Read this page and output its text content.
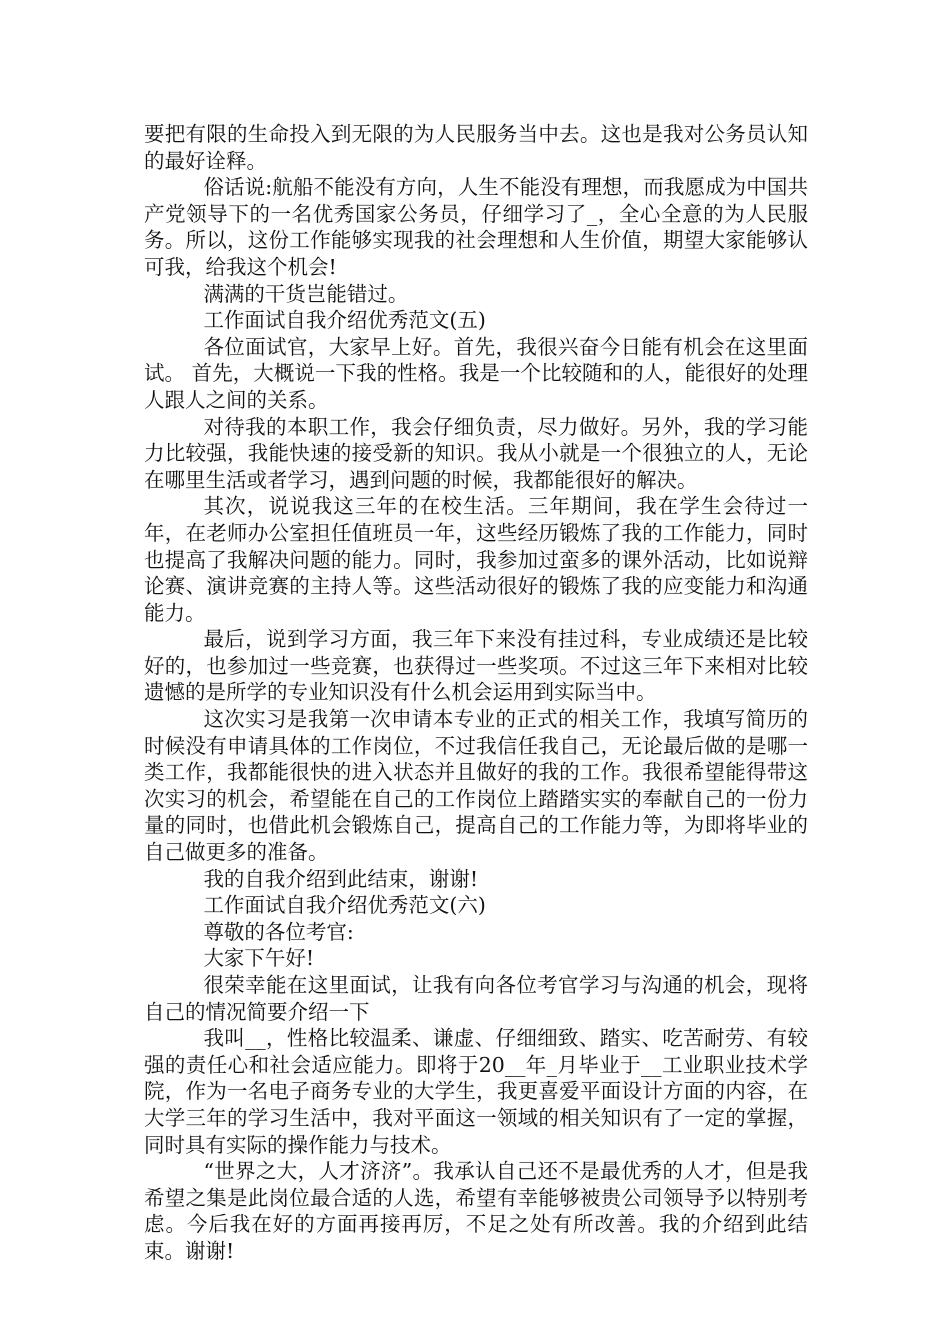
要把有限的生命投入到无限的为人民服务当中去。这也是我对公务员认知的最好诠释。

俗话说:航船不能没有方向，人生不能没有理想，而我愿成为中国共产党领导下的一名优秀国家公务员，仔细学习了_，全心全意的为人民服务。所以，这份工作能够实现我的社会理想和人生价值，期望大家能够认可我，给我这个机会!

满满的干货岂能错过。

工作面试自我介绍优秀范文(五)

各位面试官，大家早上好。首先，我很兴奋今日能有机会在这里面试。 首先，大概说一下我的性格。我是一个比较随和的人，能很好的处理人跟人之间的关系。

对待我的本职工作，我会仔细负责，尽力做好。另外，我的学习能力比较强，我能快速的接受新的知识。我从小就是一个很独立的人，无论在哪里生活或者学习，遇到问题的时候，我都能很好的解决。

其次，说说我这三年的在校生活。三年期间，我在学生会待过一年，在老师办公室担任值班员一年，这些经历锻炼了我的工作能力，同时也提高了我解决问题的能力。同时，我参加过蛮多的课外活动，比如说辩论赛、演讲竞赛的主持人等。这些活动很好的锻炼了我的应变能力和沟通能力。

最后，说到学习方面，我三年下来没有挂过科，专业成绩还是比较好的，也参加过一些竞赛，也获得过一些奖项。不过这三年下来相对比较遗憾的是所学的专业知识没有什么机会运用到实际当中。

这次实习是我第一次申请本专业的正式的相关工作，我填写简历的时候没有申请具体的工作岗位，不过我信任我自己，无论最后做的是哪一类工作，我都能很快的进入状态并且做好的我的工作。我很希望能得带这次实习的机会，希望能在自己的工作岗位上踏踏实实的奉献自己的一份力量的同时，也借此机会锻炼自己，提高自己的工作能力等，为即将毕业的自己做更多的准备。

我的自我介绍到此结束，谢谢!

工作面试自我介绍优秀范文(六)

尊敬的各位考官:

大家下午好!

很荣幸能在这里面试，让我有向各位考官学习与沟通的机会，现将自己的情况简要介绍一下

我叫__，性格比较温柔、谦虚、仔细细致、踏实、吃苦耐劳、有较强的责任心和社会适应能力。即将于20__年_月毕业于__工业职业技术学院，作为一名电子商务专业的大学生，我更喜爱平面设计方面的内容，在大学三年的学习生活中，我对平面这一领域的相关知识有了一定的掌握，同时具有实际的操作能力与技术。

“世界之大，人才济济”。我承认自己还不是最优秀的人才，但是我希望之集是此岗位最合适的人选，希望有幸能够被贵公司领导予以特别考虑。今后我在好的方面再接再厉，不足之处有所改善。我的介绍到此结束。谢谢!
